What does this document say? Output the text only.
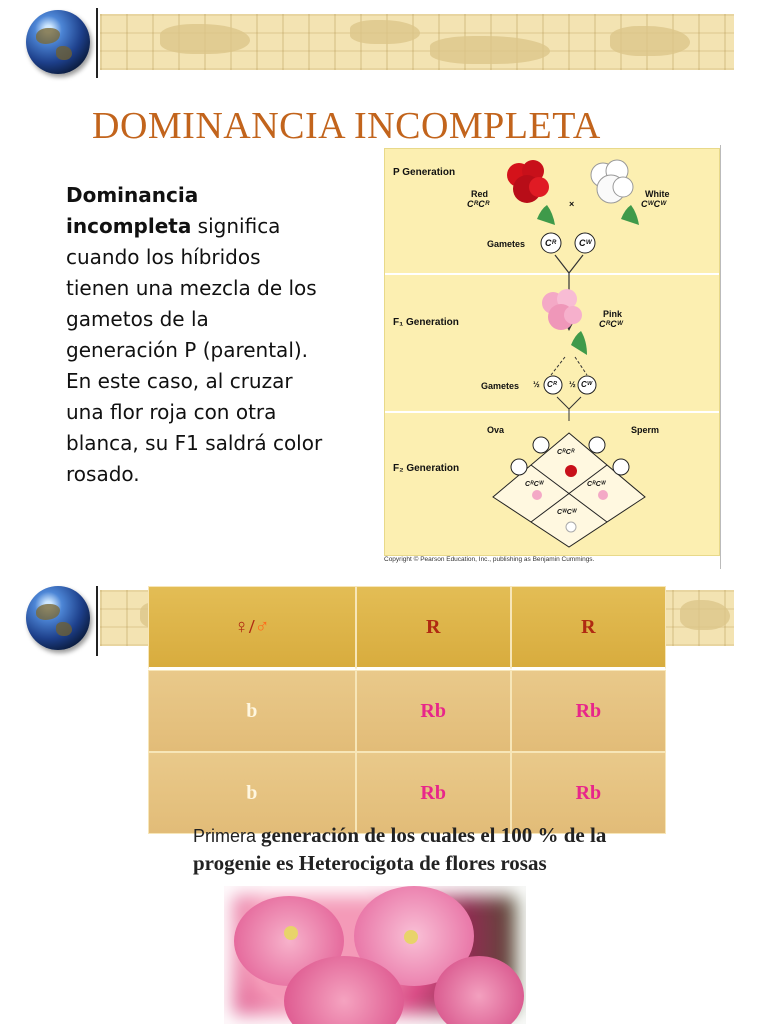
DOMINANCIA INCOMPLETA
Dominancia incompleta significa cuando los híbridos tienen una mezcla de los gametos de la generación P (parental).
En este caso, al cruzar una flor roja con otra blanca, su F1 saldrá color rosado.
P Generation
Red
CᴿCᴿ	×
White
CᵂCᵂ
Gametes Cᴿ	Cᵂ
F₁ Generation
Pink
CᴿCᵂ
Gametes ½ Cᴿ ½ Cᵂ
Ova	Sperm
F₂ Generation
CᴿCᴿ
CᴿCᵂ	CᴿCᵂ
CᵂCᵂ
Copyright © Pearson Education, Inc., publishing as Benjamin Cummings.
♀/♂	R	R
b	Rb	Rb
b	Rb	Rb
Primera generación de los cuales el 100 % de la progenie es Heterocigota de flores rosas
